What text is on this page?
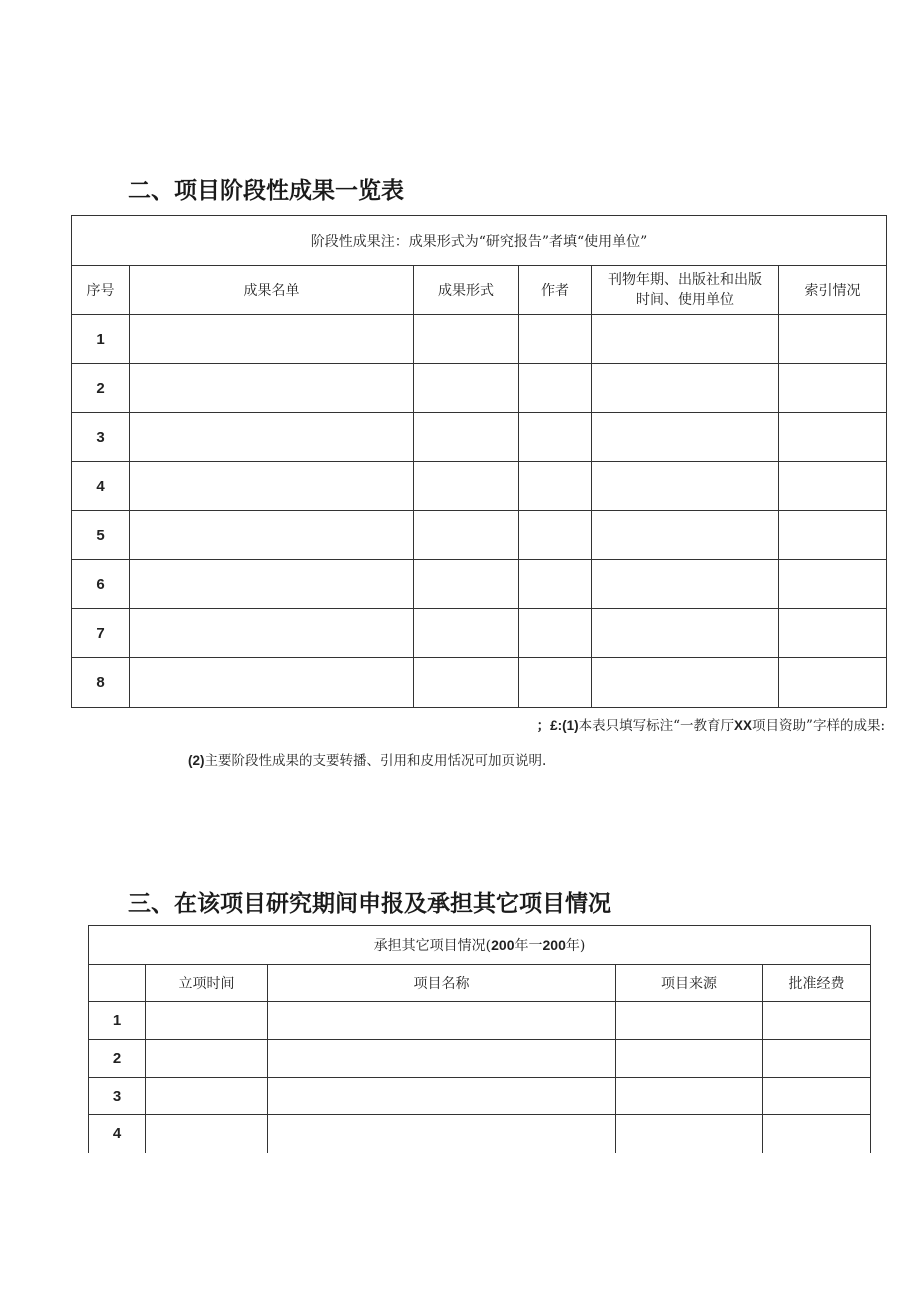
二、项目阶段性成果一览表
阶段性成果注：成果形式为“研究报告”者填“使用单位”					
序号	成果名单	成果形式	作者	刊物年期、出版社和出版
时间、使用单位	索引情况
1					
2					
3					
4					
5					
6					
7					
8					
；£:(1)本表只填写标注“一教育厅XX项目资助”字样的成果:
(2)主要阶段性成果的支要转播、引用和皮用恬况可加页说明.
三、在该项目研究期间申报及承担其它项目情况
承担其它项目情况(200年一200年)				
	立项时间	项目名称	项目来源	批准经费
1				
2				
3				
4				
